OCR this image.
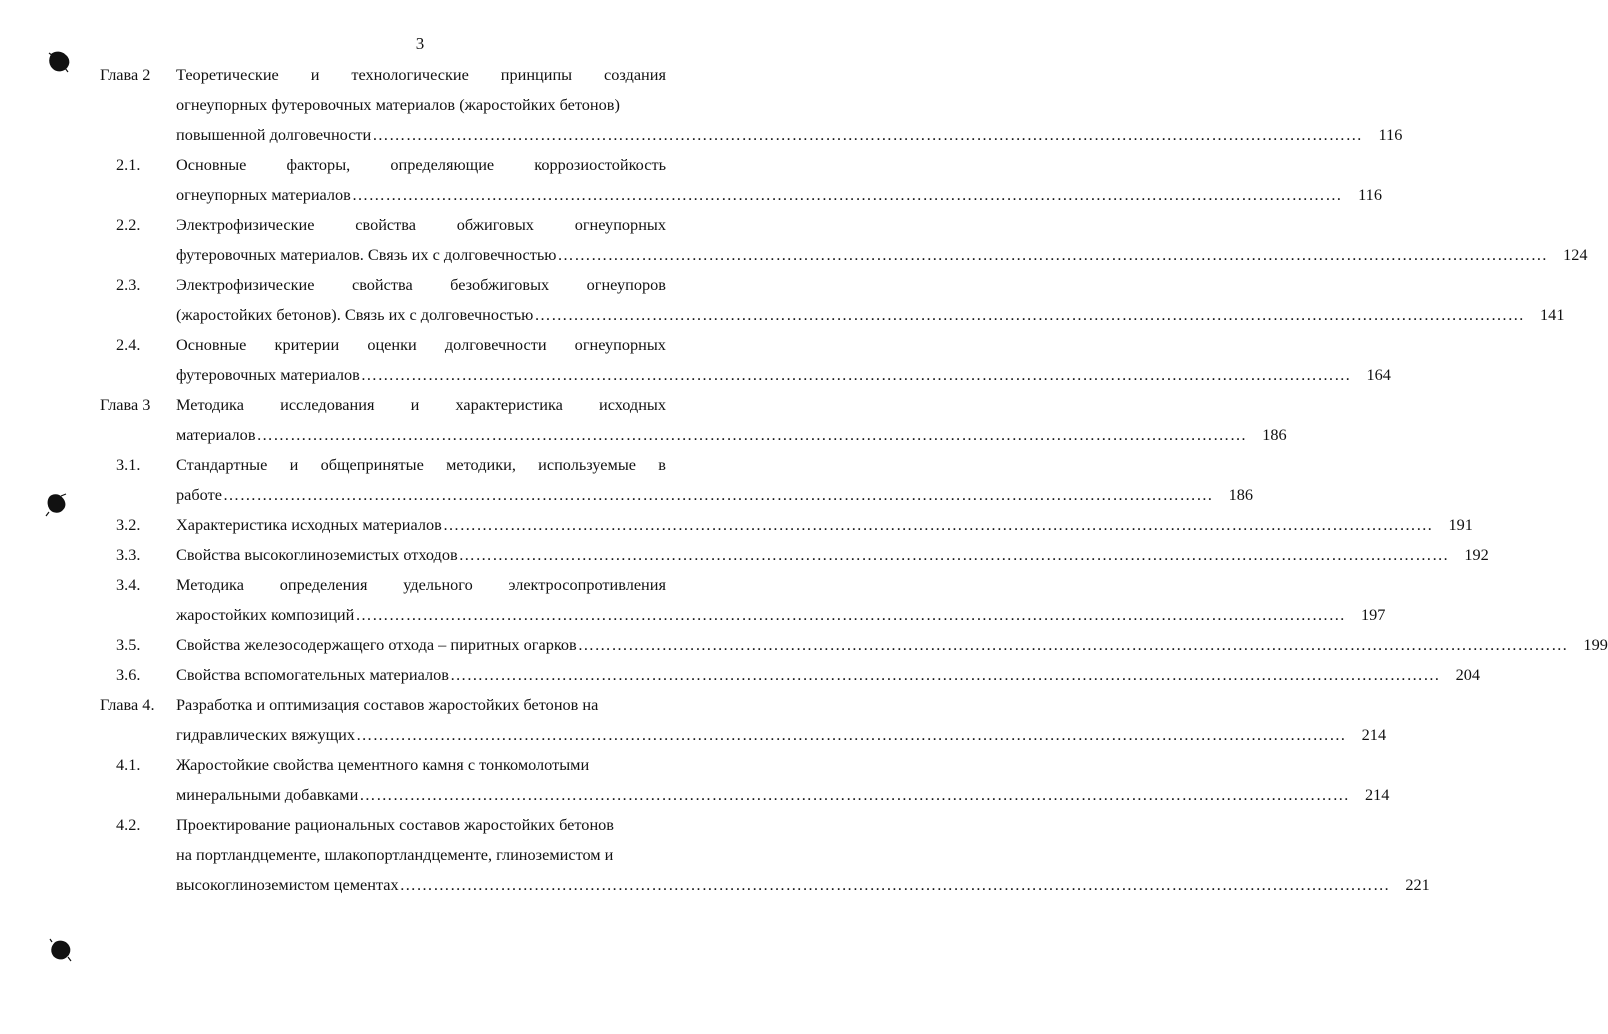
3
Глава 2	Теоретические и технологические принципы создания
огнеупорных футеровочных материалов (жаростойких бетонов)
повышенной долговечности …………………………………………………………………………………………………………………………………………………………… 116
2.1.	Основные факторы, определяющие коррозиостойкость
огнеупорных материалов …………………………………………………………………………………………………………………………………………………………… 116
2.2.	Электрофизические	свойства	обжиговых	огнеупорных
футеровочных материалов. Связь их с долговечностью …………………………………………………………………………………………………………………………………………………………… 124
2.3.	Электрофизические свойства безобжиговых огнеупоров
(жаростойких бетонов). Связь их с долговечностью …………………………………………………………………………………………………………………………………………………………… 141
2.4.	Основные критерии оценки долговечности огнеупорных
футеровочных материалов …………………………………………………………………………………………………………………………………………………………… 164
Глава 3	Методика исследования и характеристика исходных
материалов …………………………………………………………………………………………………………………………………………………………… 186
3.1.	Стандартные и общепринятые методики, используемые в
работе …………………………………………………………………………………………………………………………………………………………… 186
3.2.	Характеристика исходных материалов …………………………………………………………………………………………………………………………………………………………… 191
3.3.	Свойства высокоглиноземистых отходов …………………………………………………………………………………………………………………………………………………………… 192
3.4.	Методика определения удельного электросопротивления
жаростойких композиций …………………………………………………………………………………………………………………………………………………………… 197
3.5.	Свойства железосодержащего отхода – пиритных огарков …………………………………………………………………………………………………………………………………………………………… 199
3.6.	Свойства вспомогательных материалов …………………………………………………………………………………………………………………………………………………………… 204
Глава 4.	Разработка и оптимизация составов жаростойких бетонов на
гидравлических вяжущих …………………………………………………………………………………………………………………………………………………………… 214
4.1.	Жаростойкие свойства цементного камня с тонкомолотыми
минеральными добавками …………………………………………………………………………………………………………………………………………………………… 214
4.2.	Проектирование рациональных составов жаростойких бетонов
на портландцементе, шлакопортландцементе, глиноземистом и
высокоглиноземистом цементах …………………………………………………………………………………………………………………………………………………………… 221
